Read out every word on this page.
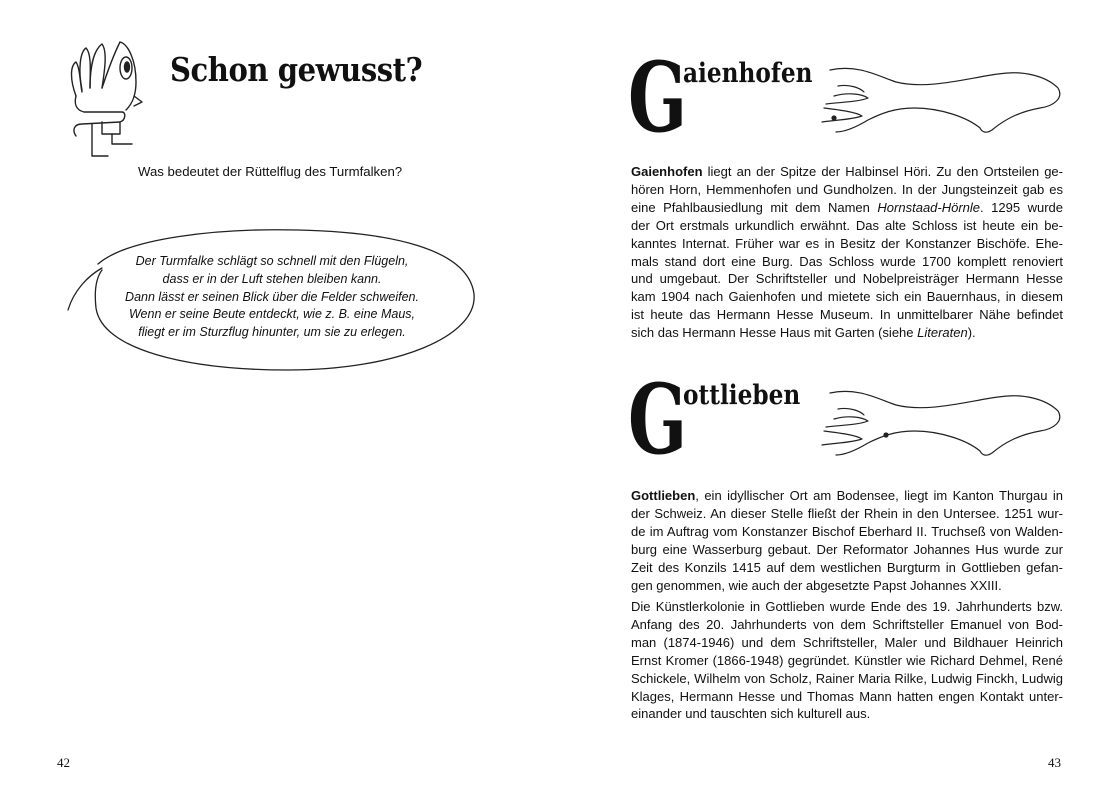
Schon gewusst?

Was bedeutet der Rüttelflug des Turmfalken?

Der Turmfalke schlägt so schnell mit den Flügeln,
dass er in der Luft stehen bleiben kann.
Dann lässt er seinen Blick über die Felder schweifen.
Wenn er seine Beute entdeckt, wie z. B. eine Maus,
fliegt er im Sturzflug hinunter, um sie zu erlegen.

42

G
aienhofen

Gaienhofen liegt an der Spitze der Halbinsel Höri. Zu den Ortsteilen ge-
hören Horn, Hemmenhofen und Gundholzen. In der Jungsteinzeit gab es
eine Pfahlbausiedlung mit dem Namen Hornstaad-Hörnle. 1295 wurde
der Ort erstmals urkundlich erwähnt. Das alte Schloss ist heute ein be-
kanntes Internat. Früher war es in Besitz der Konstanzer Bischöfe. Ehe-
mals stand dort eine Burg. Das Schloss wurde 1700 komplett renoviert
und umgebaut. Der Schriftsteller und Nobelpreisträger Hermann Hesse
kam 1904 nach Gaienhofen und mietete sich ein Bauernhaus, in diesem
ist heute das Hermann Hesse Museum. In unmittelbarer Nähe befindet
sich das Hermann Hesse Haus mit Garten (siehe Literaten).

G
ottlieben

Gottlieben, ein idyllischer Ort am Bodensee, liegt im Kanton Thurgau in
der Schweiz. An dieser Stelle fließt der Rhein in den Untersee. 1251 wur-
de im Auftrag vom Konstanzer Bischof Eberhard II. Truchseß von Walden-
burg eine Wasserburg gebaut. Der Reformator Johannes Hus wurde zur
Zeit des Konzils 1415 auf dem westlichen Burgturm in Gottlieben gefan-
gen genommen, wie auch der abgesetzte Papst Johannes XXIII.

Die Künstlerkolonie in Gottlieben wurde Ende des 19. Jahrhunderts bzw.
Anfang des 20. Jahrhunderts von dem Schriftsteller Emanuel von Bod-
man (1874-1946) und dem Schriftsteller, Maler und Bildhauer Heinrich
Ernst Kromer (1866-1948) gegründet. Künstler wie Richard Dehmel, René
Schickele, Wilhelm von Scholz, Rainer Maria Rilke, Ludwig Finckh, Ludwig
Klages, Hermann Hesse und Thomas Mann hatten engen Kontakt unter-
einander und tauschten sich kulturell aus.

43
